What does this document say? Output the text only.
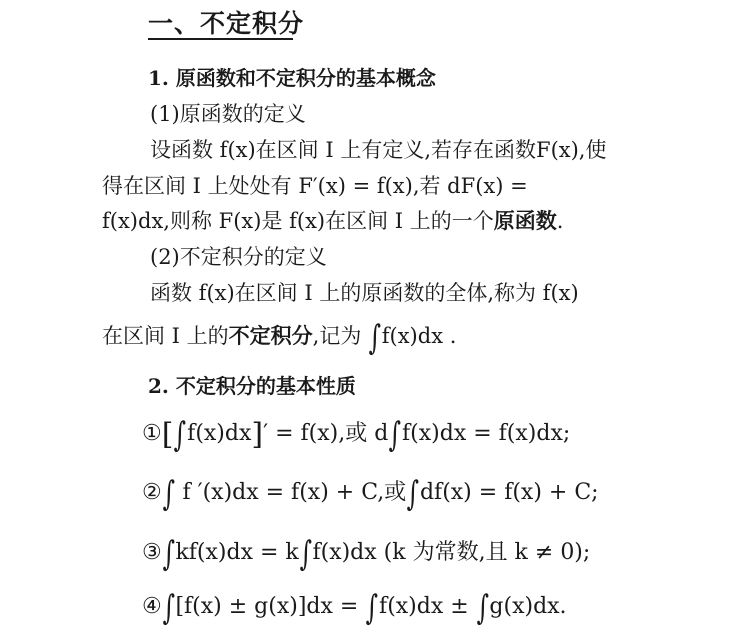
一、不定积分
1. 原函数和不定积分的基本概念
(1)原函数的定义
设函数 f(x)在区间 I 上有定义,若存在函数F(x),使
得在区间 I 上处处有 F′(x) = f(x),若 dF(x) =
f(x)dx,则称 F(x)是 f(x)在区间 I 上的一个原函数.
(2)不定积分的定义
函数 f(x)在区间 I 上的原函数的全体,称为 f(x)
在区间 I 上的不定积分,记为 ∫f(x)dx .
2. 不定积分的基本性质
①[∫f(x)dx]′ = f(x),或 d∫f(x)dx = f(x)dx;
②∫ f ′(x)dx = f(x) + C,或∫df(x) = f(x) + C;
③∫kf(x)dx = k∫f(x)dx (k 为常数,且 k ≠ 0);
④∫[f(x) ± g(x)]dx = ∫f(x)dx ± ∫g(x)dx.
